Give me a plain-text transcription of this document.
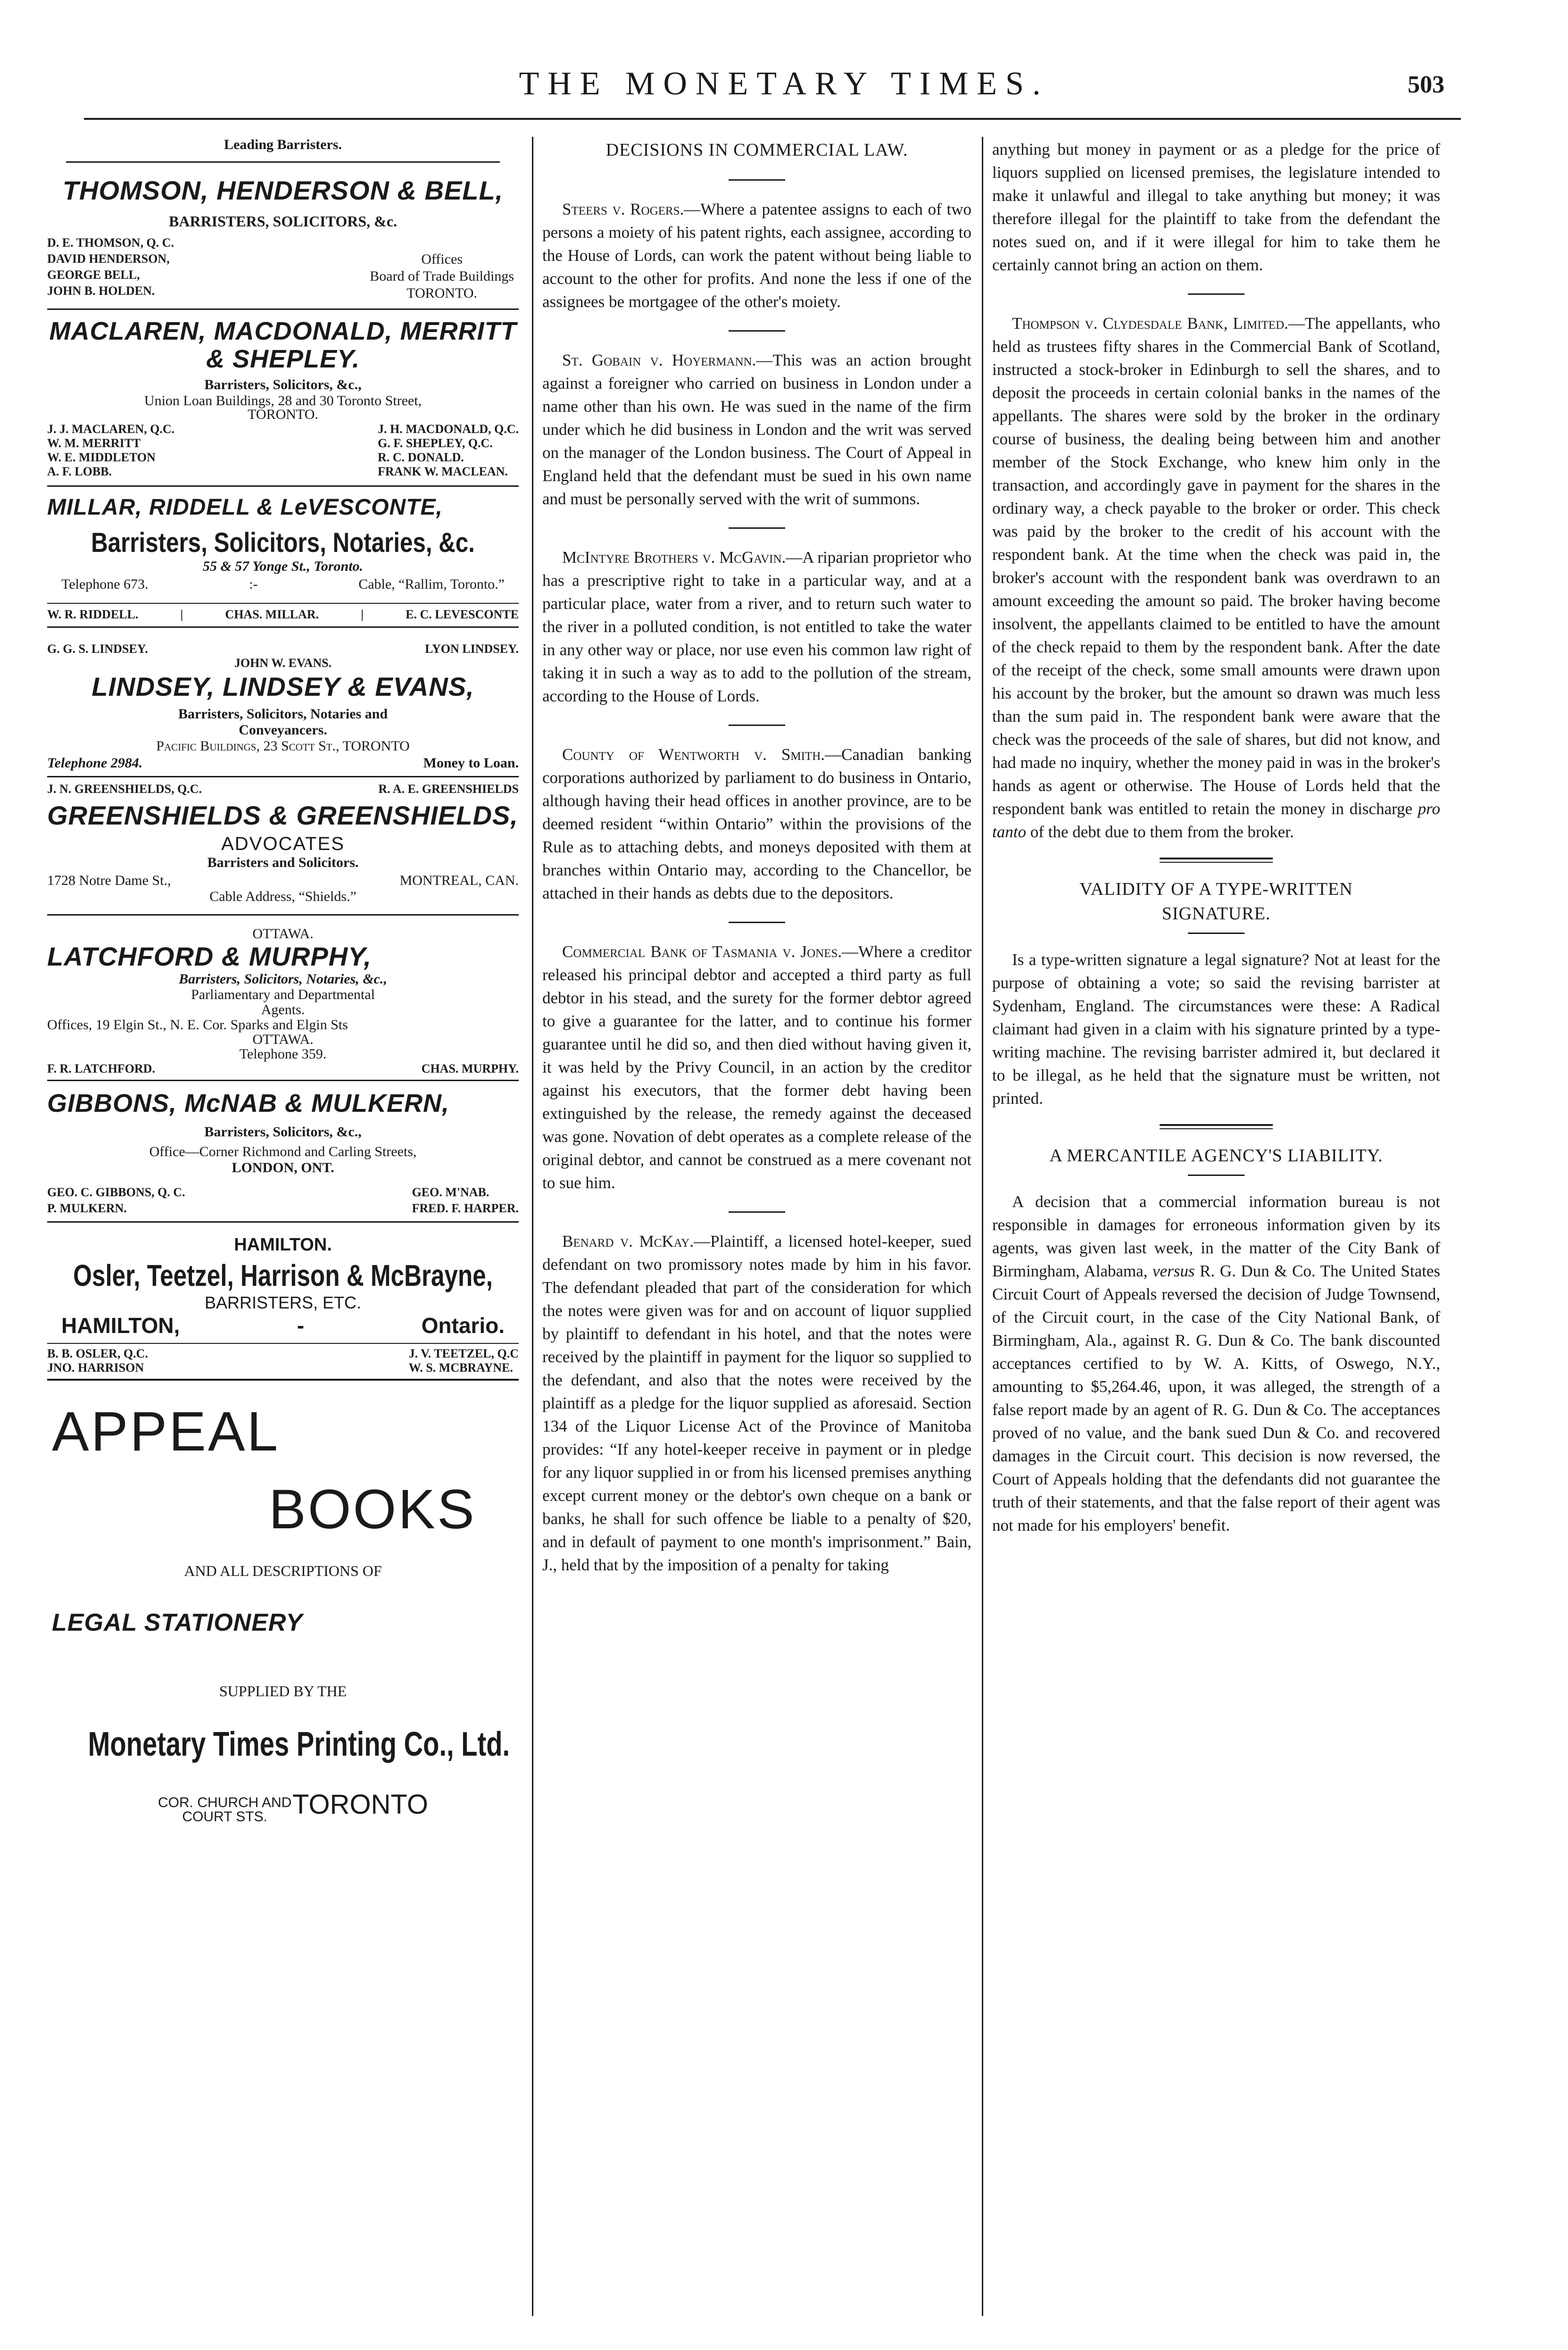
THE MONETARY TIMES.	503
Leading Barristers.
THOMSON, HENDERSON & BELL,
BARRISTERS, SOLICITORS, &c.
D. E. THOMSON, Q. C.
DAVID HENDERSON,
GEORGE BELL,
JOHN B. HOLDEN.
Offices
Board of Trade Buildings
TORONTO.
MACLAREN, MACDONALD, MERRITT
& SHEPLEY.
Barristers, Solicitors, &c.,
Union Loan Buildings, 28 and 30 Toronto Street,
TORONTO.
J. J. MACLAREN, Q.C.
W. M. MERRITT
W. E. MIDDLETON
A. F. LOBB.
J. H. MACDONALD, Q.C.
G. F. SHEPLEY, Q.C.
R. C. DONALD.
FRANK W. MACLEAN.
MILLAR, RIDDELL & LeVESCONTE,
Barristers, Solicitors, Notaries, &c.
55 & 57 Yonge St., Toronto.
Telephone 673.	:-	Cable, “Rallim, Toronto.”
W. R. RIDDELL.	|	CHAS. MILLAR.	|	E. C. LEVESCONTE
G. G. S. LINDSEY.	LYON LINDSEY.
JOHN W. EVANS.
LINDSEY, LINDSEY & EVANS,
Barristers, Solicitors, Notaries and
Conveyancers.
Pacific Buildings, 23 Scott St., TORONTO
Telephone 2984.	Money to Loan.
J. N. GREENSHIELDS, Q.C.	R. A. E. GREENSHIELDS
GREENSHIELDS & GREENSHIELDS,
ADVOCATES
Barristers and Solicitors.
1728 Notre Dame St.,	MONTREAL, CAN.
Cable Address, “Shields.”
OTTAWA.
LATCHFORD & MURPHY,
Barristers, Solicitors, Notaries, &c.,
Parliamentary and Departmental
Agents.
Offices, 19 Elgin St., N. E. Cor. Sparks and Elgin Sts
OTTAWA.
Telephone 359.
F. R. LATCHFORD.	CHAS. MURPHY.
GIBBONS, McNAB & MULKERN,
Barristers, Solicitors, &c.,
Office—Corner Richmond and Carling Streets,
LONDON, ONT.
GEO. C. GIBBONS, Q. C.
P. MULKERN.
GEO. M'NAB.
FRED. F. HARPER.
HAMILTON.
Osler, Teetzel, Harrison & McBrayne,
BARRISTERS, ETC.
HAMILTON,	-	Ontario.
B. B. OSLER, Q.C.
JNO. HARRISON
J. V. TEETZEL, Q.C
W. S. MCBRAYNE.
APPEAL
BOOKS
AND ALL DESCRIPTIONS OF
LEGAL STATIONERY
SUPPLIED BY THE
Monetary Times Printing Co., Ltd.
COR. CHURCH AND
COURT STS. TORONTO
DECISIONS IN COMMERCIAL LAW.

Steers v. Rogers.—Where a patentee assigns to each of two persons a moiety of his patent rights, each assignee, according to the House of Lords, can work the patent without being liable to account to the other for profits. And none the less if one of the assignees be mortgagee of the other's moiety.

St. Gobain v. Hoyermann.—This was an action brought against a foreigner who carried on business in London under a name other than his own. He was sued in the name of the firm under which he did business in London and the writ was served on the manager of the London business. The Court of Appeal in England held that the defendant must be sued in his own name and must be personally served with the writ of summons.

McIntyre Brothers v. McGavin.—A riparian proprietor who has a prescriptive right to take in a particular way, and at a particular place, water from a river, and to return such water to the river in a polluted condition, is not entitled to take the water in any other way or place, nor use even his common law right of taking it in such a way as to add to the pollution of the stream, according to the House of Lords.

County of Wentworth v. Smith.—Canadian banking corporations authorized by parliament to do business in Ontario, although having their head offices in another province, are to be deemed resident “within Ontario” within the provisions of the Rule as to attaching debts, and moneys deposited with them at branches within Ontario may, according to the Chancellor, be attached in their hands as debts due to the depositors.

Commercial Bank of Tasmania v. Jones.—Where a creditor released his principal debtor and accepted a third party as full debtor in his stead, and the surety for the former debtor agreed to give a guarantee for the latter, and to continue his former guarantee until he did so, and then died without having given it, it was held by the Privy Council, in an action by the creditor against his executors, that the former debt having been extinguished by the release, the remedy against the deceased was gone. Novation of debt operates as a complete release of the original debtor, and cannot be construed as a mere covenant not to sue him.

Benard v. McKay.—Plaintiff, a licensed hotel-keeper, sued defendant on two promissory notes made by him in his favor. The defendant pleaded that part of the consideration for which the notes were given was for and on account of liquor supplied by plaintiff to defendant in his hotel, and that the notes were received by the plaintiff in payment for the liquor so supplied to the defendant, and also that the notes were received by the plaintiff as a pledge for the liquor supplied as aforesaid. Section 134 of the Liquor License Act of the Province of Manitoba provides: “If any hotel-keeper receive in payment or in pledge for any liquor supplied in or from his licensed premises anything except current money or the debtor's own cheque on a bank or banks, he shall for such offence be liable to a penalty of $20, and in default of payment to one month's imprisonment.” Bain, J., held that by the imposition of a penalty for taking

anything but money in payment or as a pledge for the price of liquors supplied on licensed premises, the legislature intended to make it unlawful and illegal to take anything but money; it was therefore illegal for the plaintiff to take from the defendant the notes sued on, and if it were illegal for him to take them he certainly cannot bring an action on them.

Thompson v. Clydesdale Bank, Limited.—The appellants, who held as trustees fifty shares in the Commercial Bank of Scotland, instructed a stock-broker in Edinburgh to sell the shares, and to deposit the proceeds in certain colonial banks in the names of the appellants. The shares were sold by the broker in the ordinary course of business, the dealing being between him and another member of the Stock Exchange, who knew him only in the transaction, and accordingly gave in payment for the shares in the ordinary way, a check payable to the broker or order. This check was paid by the broker to the credit of his account with the respondent bank. At the time when the check was paid in, the broker's account with the respondent bank was overdrawn to an amount exceeding the amount so paid. The broker having become insolvent, the appellants claimed to be entitled to have the amount of the check repaid to them by the respondent bank. After the date of the receipt of the check, some small amounts were drawn upon his account by the broker, but the amount so drawn was much less than the sum paid in. The respondent bank were aware that the check was the proceeds of the sale of shares, but did not know, and had made no inquiry, whether the money paid in was in the broker's hands as agent or otherwise. The House of Lords held that the respondent bank was entitled to retain the money in discharge pro tanto of the debt due to them from the broker.

VALIDITY OF A TYPE-WRITTEN
SIGNATURE.

Is a type-written signature a legal signature? Not at least for the purpose of obtaining a vote; so said the revising barrister at Sydenham, England. The circumstances were these: A Radical claimant had given in a claim with his signature printed by a type-writing machine. The revising barrister admired it, but declared it to be illegal, as he held that the signature must be written, not printed.

A MERCANTILE AGENCY'S LIABILITY.

A decision that a commercial information bureau is not responsible in damages for erroneous information given by its agents, was given last week, in the matter of the City Bank of Birmingham, Alabama, versus R. G. Dun & Co. The United States Circuit Court of Appeals reversed the decision of Judge Townsend, of the Circuit court, in the case of the City National Bank, of Birmingham, Ala., against R. G. Dun & Co. The bank discounted acceptances certified to by W. A. Kitts, of Oswego, N.Y., amounting to $5,264.46, upon, it was alleged, the strength of a false report made by an agent of R. G. Dun & Co. The acceptances proved of no value, and the bank sued Dun & Co. and recovered damages in the Circuit court. This decision is now reversed, the Court of Appeals holding that the defendants did not guarantee the truth of their statements, and that the false report of their agent was not made for his employers' benefit.
